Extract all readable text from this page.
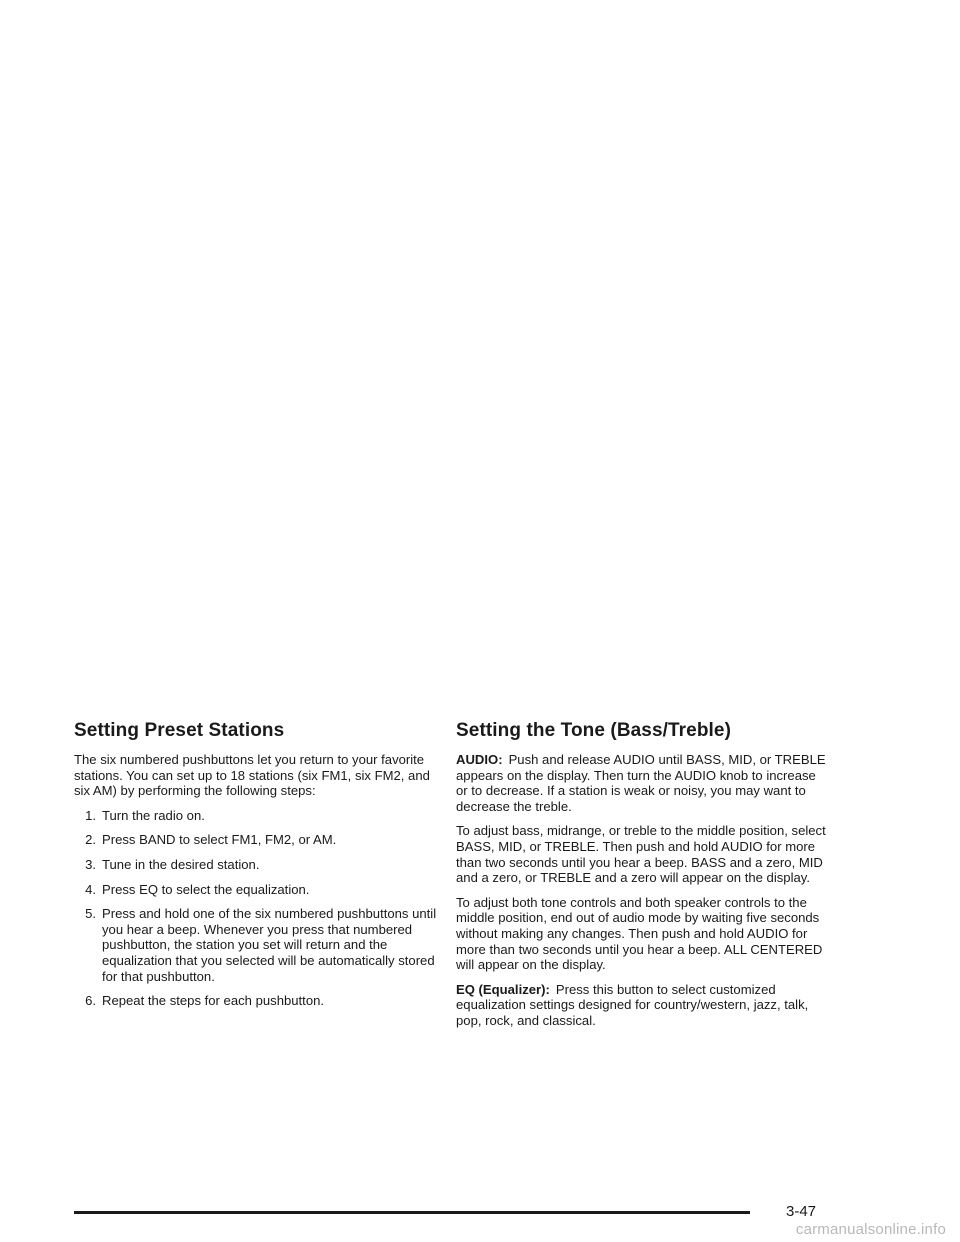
Setting Preset Stations

The six numbered pushbuttons let you return to your favorite stations. You can set up to 18 stations (six FM1, six FM2, and six AM) by performing the following steps:

1. Turn the radio on.
2. Press BAND to select FM1, FM2, or AM.
3. Tune in the desired station.
4. Press EQ to select the equalization.
5. Press and hold one of the six numbered pushbuttons until you hear a beep. Whenever you press that numbered pushbutton, the station you set will return and the equalization that you selected will be automatically stored for that pushbutton.
6. Repeat the steps for each pushbutton.
Setting the Tone (Bass/Treble)

AUDIO: Push and release AUDIO until BASS, MID, or TREBLE appears on the display. Then turn the AUDIO knob to increase or to decrease. If a station is weak or noisy, you may want to decrease the treble.

To adjust bass, midrange, or treble to the middle position, select BASS, MID, or TREBLE. Then push and hold AUDIO for more than two seconds until you hear a beep. BASS and a zero, MID and a zero, or TREBLE and a zero will appear on the display.

To adjust both tone controls and both speaker controls to the middle position, end out of audio mode by waiting five seconds without making any changes. Then push and hold AUDIO for more than two seconds until you hear a beep. ALL CENTERED will appear on the display.

EQ (Equalizer): Press this button to select customized equalization settings designed for country/western, jazz, talk, pop, rock, and classical.

3-47
carmanualsonline.info
